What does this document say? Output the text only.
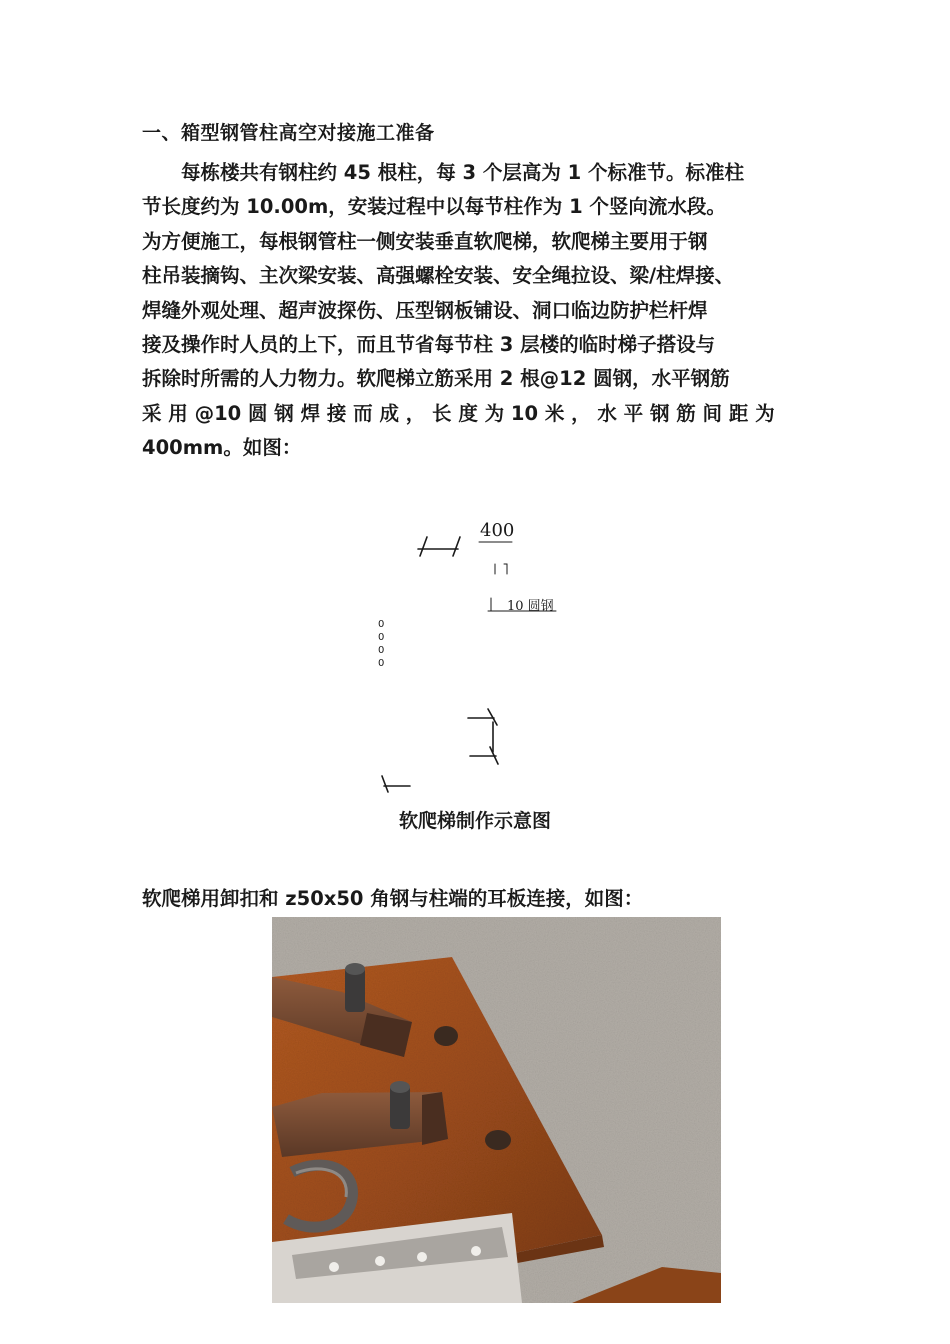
一、箱型钢管柱高空对接施工准备
　　每栋楼共有钢柱约 45 根柱，每 3 个层高为 1 个标准节。标准柱
节长度约为 10.00m，安装过程中以每节柱作为 1 个竖向流水段。
为方便施工，每根钢管柱一侧安装垂直软爬梯，软爬梯主要用于钢
柱吊装摘钩、主次梁安装、高强螺栓安装、安全绳拉设、梁/柱焊接、
焊缝外观处理、超声波探伤、压型钢板铺设、洞口临边防护栏杆焊
接及操作时人员的上下，而且节省每节柱 3 层楼的临时梯子搭设与
拆除时所需的人力物力。软爬梯立筋采用 2 根@12 圆钢，水平钢筋
采 用 @10 圆 钢 焊 接 而 成 ， 长 度 为 10 米 ， 水 平 钢 筋 间 距 为
400mm。如图：
400
10 圆钢
0
0
0
0
软爬梯制作示意图
软爬梯用卸扣和 z50x50 角钢与柱端的耳板连接，如图：
